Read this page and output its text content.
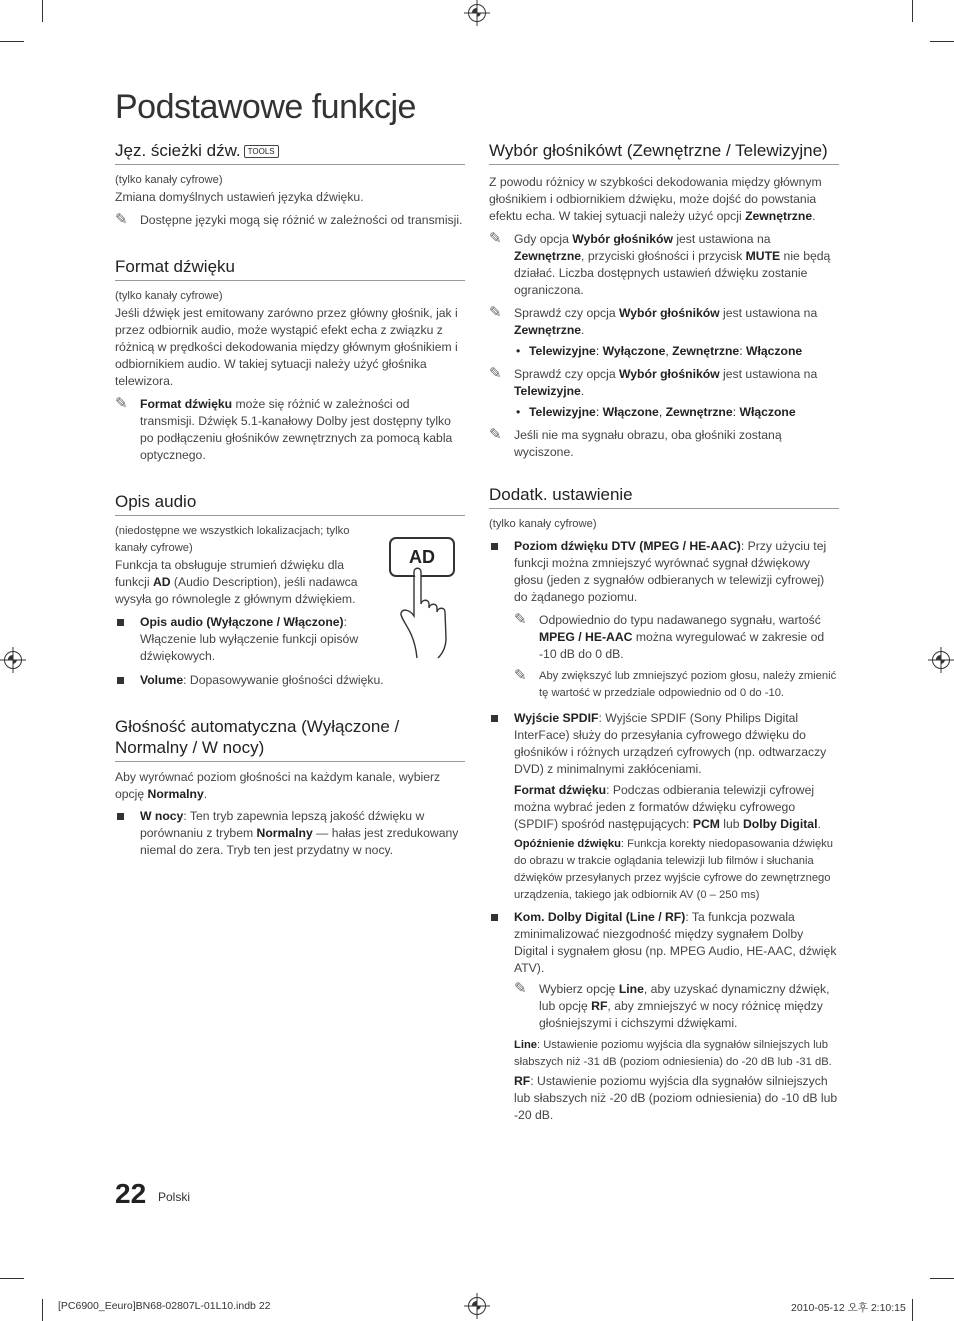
Podstawowe funkcje
Jęz. ścieżki dźw. TOOLS

(tylko kanały cyfrowe)

Zmiana domyślnych ustawień języka dźwięku.

✎ Dostępne języki mogą się różnić w zależności od transmisji.
Format dźwięku

(tylko kanały cyfrowe)

Jeśli dźwięk jest emitowany zarówno przez główny głośnik, jak i przez odbiornik audio, może wystąpić efekt echa z związku z różnicą w prędkości dekodowania między głównym głośnikiem i odbiornikiem audio. W takiej sytuacji należy użyć głośnika telewizora.

✎ Format dźwięku może się różnić w zależności od transmisji. Dźwięk 5.1-kanałowy Dolby jest dostępny tylko po podłączeniu głośników zewnętrznych za pomocą kabla optycznego.
Opis audio

(niedostępne we wszystkich lokalizacjach; tylko kanały cyfrowe)

Funkcja ta obsługuje strumień dźwięku dla funkcji AD (Audio Description), jeśli nadawca wysyła go równolegle z głównym dźwiękiem.

Opis audio (Wyłączone / Włączone): Włączenie lub wyłączenie funkcji opisów dźwiękowych.
Volume: Dopasowywanie głośności dźwięku.
Głośność automatyczna (Wyłączone / Normalny / W nocy)

Aby wyrównać poziom głośności na każdym kanale, wybierz opcję Normalny.

W nocy: Ten tryb zapewnia lepszą jakość dźwięku w porównaniu z trybem Normalny — hałas jest zredukowany niemal do zera. Tryb ten jest przydatny w nocy.
AD
Wybór głośnikówt (Zewnętrzne / Telewizyjne)

Z powodu różnicy w szybkości dekodowania między głównym głośnikiem i odbiornikiem dźwięku, może dojść do powstania efektu echa. W takiej sytuacji należy użyć opcji Zewnętrzne.

✎ Gdy opcja Wybór głośników jest ustawiona na Zewnętrzne, przyciski głośności i przycisk MUTE nie będą działać. Liczba dostępnych ustawień dźwięku zostanie ograniczona.
✎ Sprawdź czy opcja Wybór głośników jest ustawiona na Zewnętrzne.
• Telewizyjne: Wyłączone, Zewnętrzne: Włączone
✎ Sprawdź czy opcja Wybór głośników jest ustawiona na Telewizyjne.
• Telewizyjne: Włączone, Zewnętrzne: Włączone
✎ Jeśli nie ma sygnału obrazu, oba głośniki zostaną wyciszone.
Dodatk. ustawienie

(tylko kanały cyfrowe)

Poziom dźwięku DTV (MPEG / HE-AAC): Przy użyciu tej funkcji można zmniejszyć wyrównać sygnał dźwiękowy głosu (jeden z sygnałów odbieranych w telewizji cyfrowej) do żądanego poziomu.
✎ Odpowiednio do typu nadawanego sygnału, wartość MPEG / HE-AAC można wyregulować w zakresie od -10 dB do 0 dB.
✎ Aby zwiększyć lub zmniejszyć poziom głosu, należy zmienić tę wartość w przedziale odpowiednio od 0 do -10.
Wyjście SPDIF: Wyjście SPDIF (Sony Philips Digital InterFace) służy do przesyłania cyfrowego dźwięku do głośników i różnych urządzeń cyfrowych (np. odtwarzaczy DVD) z minimalnymi zakłóceniami.

Format dźwięku: Podczas odbierania telewizji cyfrowej można wybrać jeden z formatów dźwięku cyfrowego (SPDIF) spośród następujących: PCM lub Dolby Digital.

Opóźnienie dźwięku: Funkcja korekty niedopasowania dźwięku do obrazu w trakcie oglądania telewizji lub filmów i słuchania dźwięków przesyłanych przez wyjście cyfrowe do zewnętrznego urządzenia, takiego jak odbiornik AV (0 – 250 ms)

Kom. Dolby Digital (Line / RF): Ta funkcja pozwala zminimalizować niezgodność między sygnałem Dolby Digital i sygnałem głosu (np. MPEG Audio, HE-AAC, dźwięk ATV).
✎ Wybierz opcję Line, aby uzyskać dynamiczny dźwięk, lub opcję RF, aby zmniejszyć w nocy różnicę między głośniejszymi i cichszymi dźwiękami.

Line: Ustawienie poziomu wyjścia dla sygnałów silniejszych lub słabszych niż -31 dB (poziom odniesienia) do -20 dB lub -31 dB.

RF: Ustawienie poziomu wyjścia dla sygnałów silniejszych lub słabszych niż -20 dB (poziom odniesienia) do -10 dB lub -20 dB.

22 Polski
[PC6900_Eeuro]BN68-02807L-01L10.indb 22	2010-05-12 오후 2:10:15
